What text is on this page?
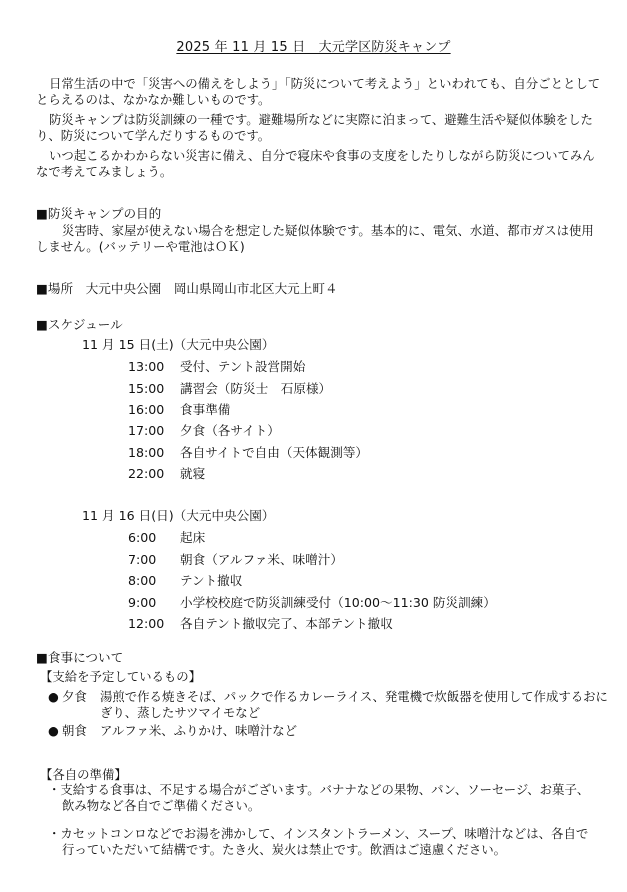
2025 年 11 月 15 日　大元学区防災キャンプ

日常生活の中で「災害への備えをしよう」「防災について考えよう」といわれても、自分ごととしてとらえるのは、なかなか難しいものです。

防災キャンプは防災訓練の一種です。避難場所などに実際に泊まって、避難生活や疑似体験をしたり、防災について学んだりするものです。

いつ起こるかわからない災害に備え、自分で寝床や食事の支度をしたりしながら防災についてみんなで考えてみましょう。

■防災キャンプの目的

災害時、家屋が使えない場合を想定した疑似体験です。基本的に、電気、水道、都市ガスは使用しません。(バッテリーや電池はＯＫ)

■場所　大元中央公園　岡山県岡山市北区大元上町４
■スケジュール
11 月 15 日(土)（大元中央公園）
13:00 受付、テント設営開始
15:00 講習会（防災士　石原様）
16:00 食事準備
17:00 夕食（各サイト）
18:00 各自サイトで自由（天体観測等）
22:00 就寝
11 月 16 日(日)（大元中央公園）
6:00 起床
7:00 朝食（アルファ米、味噌汁）
8:00 テント撤収
9:00 小学校校庭で防災訓練受付（10:00～11:30 防災訓練）
12:00 各自テント撤収完了、本部テント撤収
■食事について
【支給を予定しているもの】
● 夕食 湯煎で作る焼きそば、パックで作るカレーライス、発電機で炊飯器を使用して作成するおにぎり、蒸したサツマイモなど
● 朝食 アルファ米、ふりかけ、味噌汁など
【各自の準備】
・支給する食事は、不足する場合がございます。バナナなどの果物、パン、ソーセージ、お菓子、飲み物など各自でご準備ください。
・カセットコンロなどでお湯を沸かして、インスタントラーメン、スープ、味噌汁などは、各自で行っていただいて結構です。たき火、炭火は禁止です。飲酒はご遠慮ください。
